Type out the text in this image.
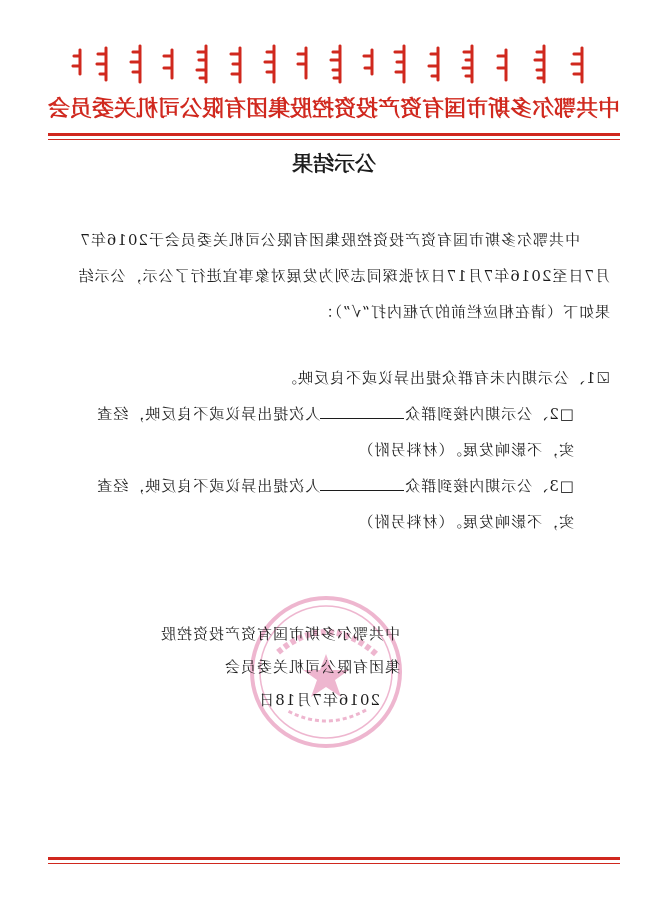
中共鄂尔多斯市国有资产投资控股集团有限公司机关委员会
公示结果
中共鄂尔多斯市国有资产投资控股集团有限公司机关委员会于2016年7月7日至2016年7月17日对张琛同志列为发展对象事宜进行了公示，公示结果如下（请在相应栏前的方框内打“√”）：

☑1、公示期内未有群众提出异议或不良反映。

□2、公示期内接到群众人次提出异议或不良反映，经查实，不影响发展。（材料另附）

□3、公示期内接到群众人次提出异议或不良反映，经查实，不影响发展。（材料另附）

中共鄂尔多斯市国有资产投资控股

集团有限公司机关委员会

2016年7月18日
